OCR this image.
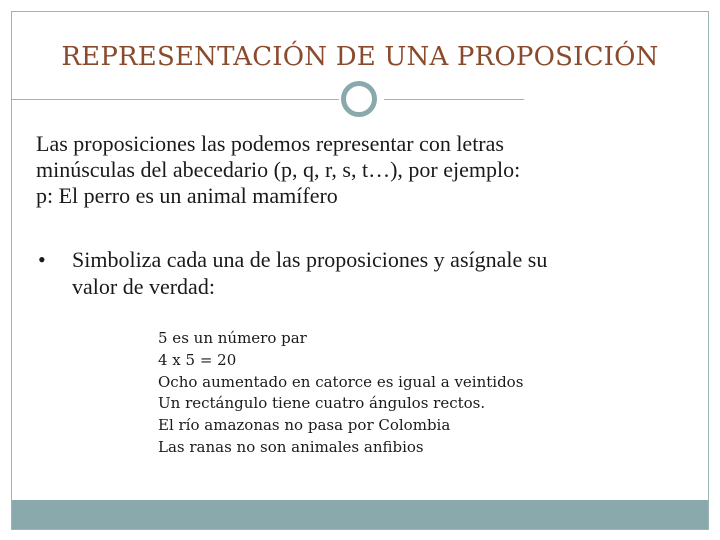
REPRESENTACIÓN DE UNA PROPOSICIÓN
Las proposiciones las podemos representar con letras
minúsculas del abecedario (p, q, r, s, t…), por ejemplo:
p: El perro es un animal mamífero
•	Simboliza cada una de las proposiciones y asígnale su
valor de verdad:
5 es un número par
4 x 5 = 20
Ocho aumentado en catorce es igual a veintidos
Un rectángulo tiene cuatro ángulos rectos.
El río amazonas no pasa por Colombia
Las ranas no son animales anfibios
